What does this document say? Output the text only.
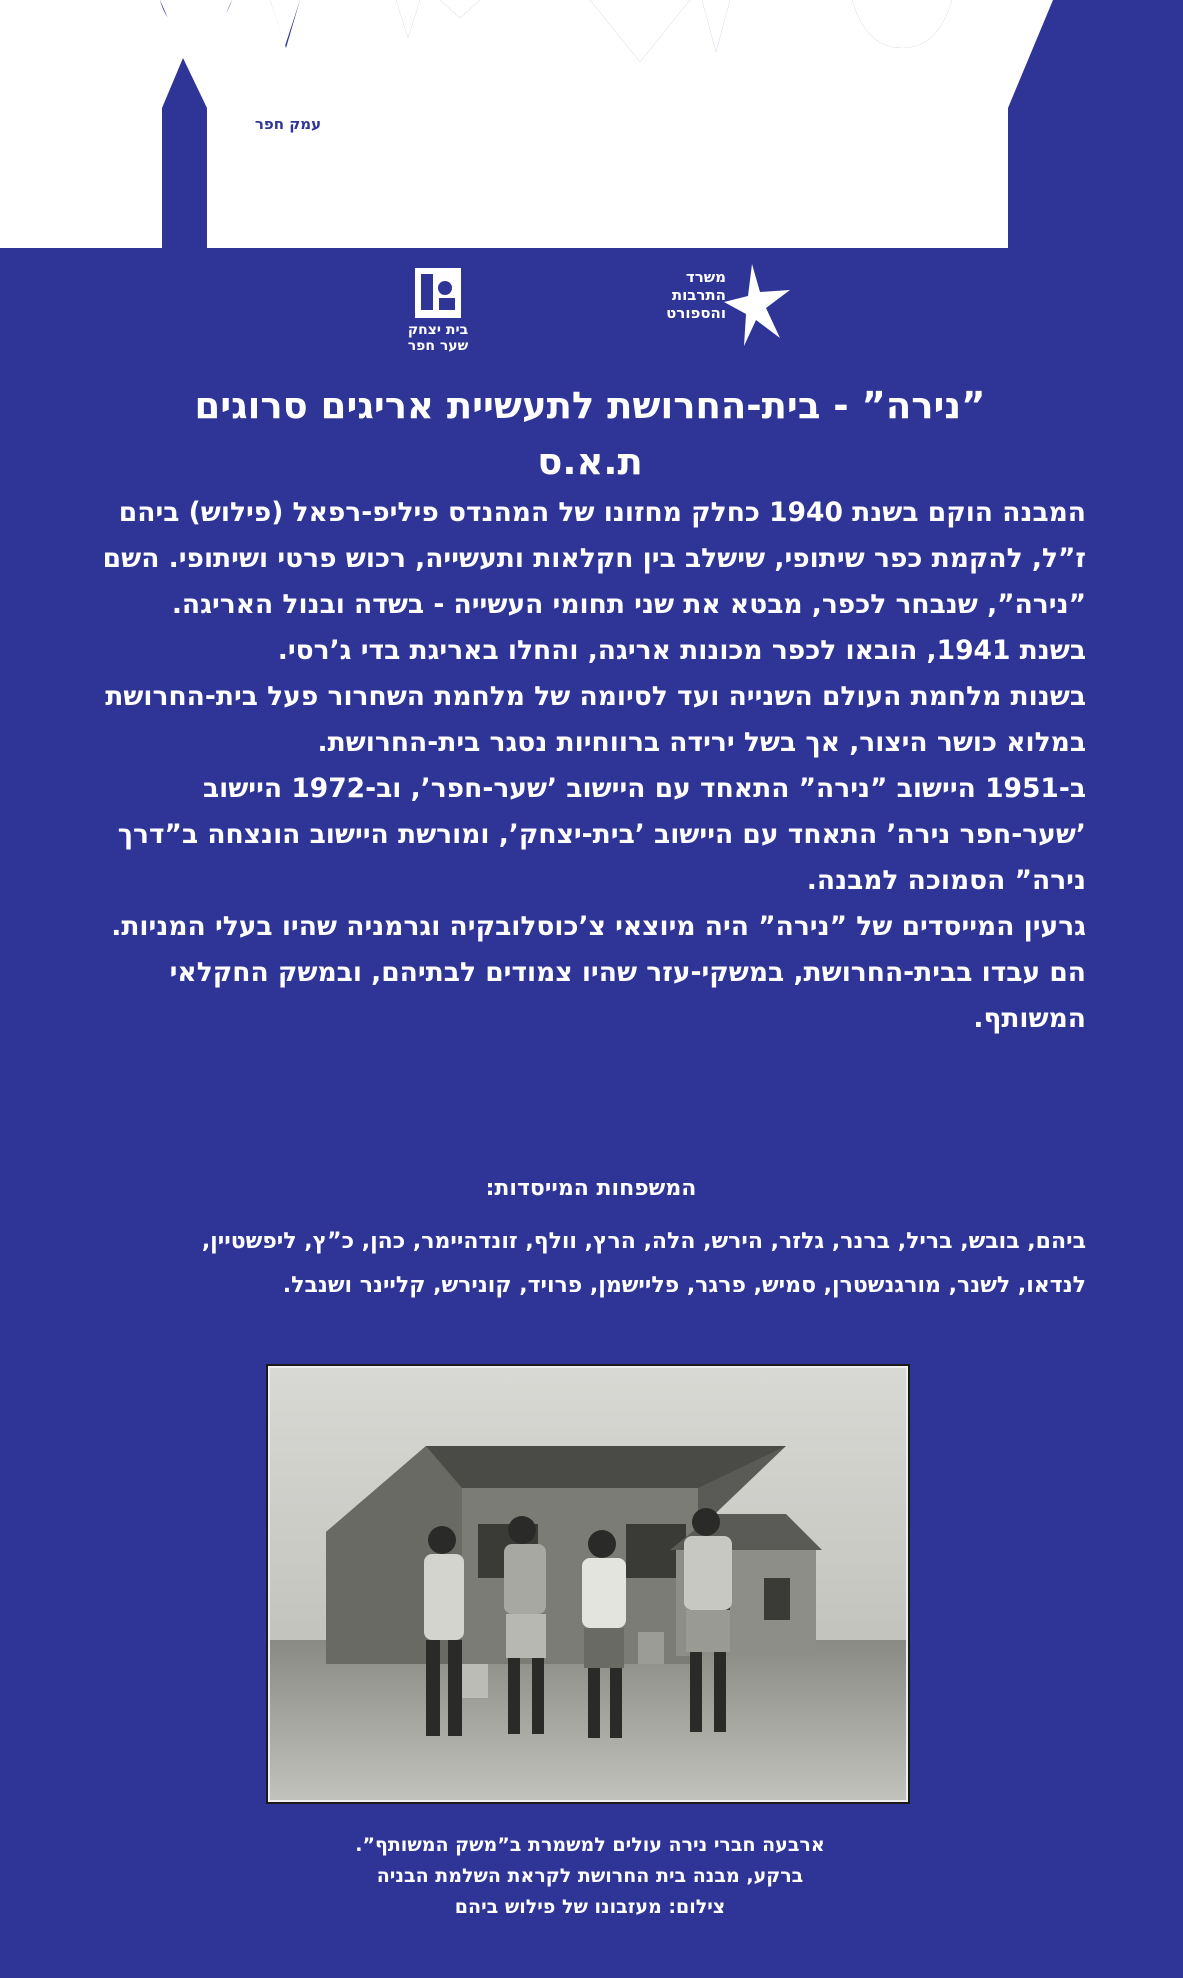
עמק חפר
מועצה לשימור
אתרי מורשת בישראל
בית יצחק
שער חפר
משרד
התרבות
והספורט
”נירה” - בית-החרושת לתעשיית אריגים סרוגים
ת.א.ס

המבנה הוקם בשנת 1940 כחלק מחזונו של המהנדס פיליפ-רפאל (פילוש) ביהם ז”ל, להקמת כפר שיתופי, שישלב בין חקלאות ותעשייה, רכוש פרטי ושיתופי. השם ”נירה”, שנבחר לכפר, מבטא את שני תחומי העשייה - בשדה ובנול האריגה.

בשנת 1941, הובאו לכפר מכונות אריגה, והחלו באריגת בדי ג’רסי.

בשנות מלחמת העולם השנייה ועד לסיומה של מלחמת השחרור פעל בית-החרושת במלוא כושר היצור, אך בשל ירידה ברווחיות נסגר בית-החרושת.

ב-1951 היישוב ”נירה” התאחד עם היישוב ’שער-חפר’, וב-1972 היישוב ’שער-חפר נירה’ התאחד עם היישוב ’בית-יצחק’, ומורשת היישוב הונצחה ב”דרך נירה” הסמוכה למבנה.

גרעין המייסדים של ”נירה” היה מיוצאי צ’כוסלובקיה וגרמניה שהיו בעלי המניות. הם עבדו בבית-החרושת, במשקי-עזר שהיו צמודים לבתיהם, ובמשק החקלאי המשותף.

המשפחות המייסדות:
ביהם, בובש, בריל, ברנר, גלזר, הירש, הלה, הרץ, וולף, זונדהיימר, כהן, כ”ץ, ליפשטיין,
לנדאו, לשנר, מורגנשטרן, סמיש, פרגר, פליישמן, פרויד, קונירש, קליינר ושנבל.
ארבעה חברי נירה עולים למשמרת ב”משק המשותף”.
ברקע, מבנה בית החרושת לקראת השלמת הבניה
צילום: מעזבונו של פילוש ביהם
